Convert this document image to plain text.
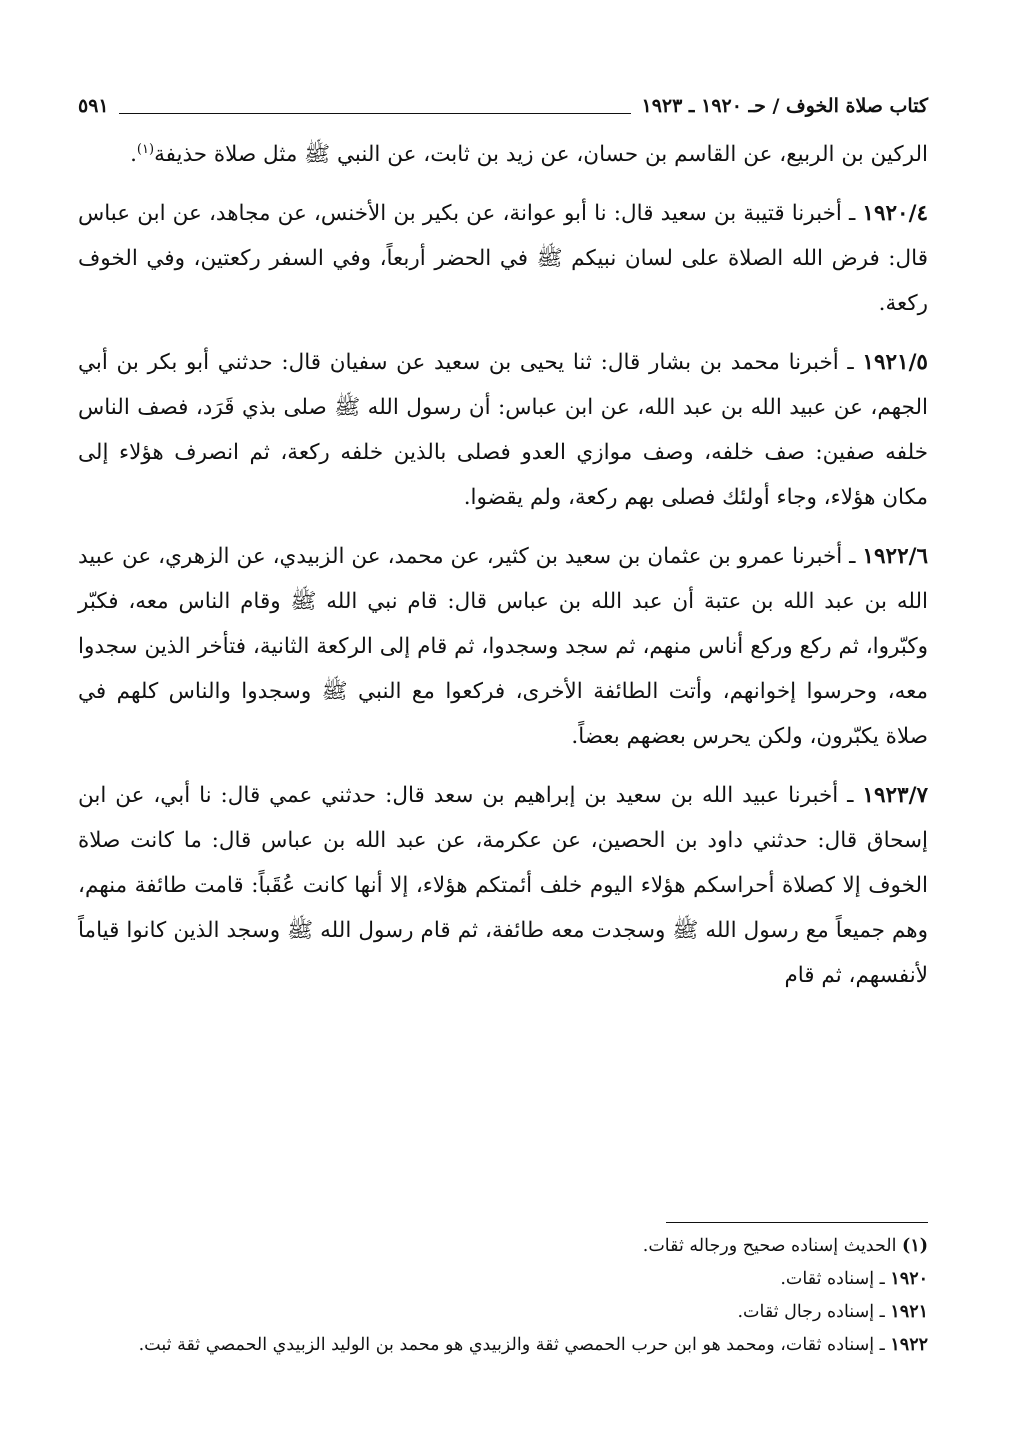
كتاب صلاة الخوف / حـ ١٩٢٠ ـ ١٩٢٣
٥٩١

الركين بن الربيع، عن القاسم بن حسان، عن زيد بن ثابت، عن النبي ﷺ مثل صلاة حذيفة$^{(١)}$.

١٩٢٠/٤ ـ أخبرنا قتيبة بن سعيد قال: نا أبو عوانة، عن بكير بن الأخنس، عن مجاهد، عن ابن عباس قال: فرض الله الصلاة على لسان نبيكم ﷺ في الحضر أربعاً، وفي السفر ركعتين، وفي الخوف ركعة.

١٩٢١/٥ ـ أخبرنا محمد بن بشار قال: ثنا يحيى بن سعيد عن سفيان قال: حدثني أبو بكر بن أبي الجهم، عن عبيد الله بن عبد الله، عن ابن عباس: أن رسول الله ﷺ صلى بذي قَرَد، فصف الناس خلفه صفين: صف خلفه، وصف موازي العدو فصلى بالذين خلفه ركعة، ثم انصرف هؤلاء إلى مكان هؤلاء، وجاء أولئك فصلى بهم ركعة، ولم يقضوا.

١٩٢٢/٦ ـ أخبرنا عمرو بن عثمان بن سعيد بن كثير، عن محمد، عن الزبيدي، عن الزهري، عن عبيد الله بن عبد الله بن عتبة أن عبد الله بن عباس قال: قام نبي الله ﷺ وقام الناس معه، فكبّر وكبّروا، ثم ركع وركع أناس منهم، ثم سجد وسجدوا، ثم قام إلى الركعة الثانية، فتأخر الذين سجدوا معه، وحرسوا إخوانهم، وأتت الطائفة الأخرى، فركعوا مع النبي ﷺ وسجدوا والناس كلهم في صلاة يكبّرون، ولكن يحرس بعضهم بعضاً.

١٩٢٣/٧ ـ أخبرنا عبيد الله بن سعيد بن إبراهيم بن سعد قال: حدثني عمي قال: نا أبي، عن ابن إسحاق قال: حدثني داود بن الحصين، عن عكرمة، عن عبد الله بن عباس قال: ما كانت صلاة الخوف إلا كصلاة أحراسكم هؤلاء اليوم خلف أئمتكم هؤلاء، إلا أنها كانت عُقَباً: قامت طائفة منهم، وهم جميعاً مع رسول الله ﷺ وسجدت معه طائفة، ثم قام رسول الله ﷺ وسجد الذين كانوا قياماً لأنفسهم، ثم قام

(١) الحديث إسناده صحيح ورجاله ثقات.

١٩٢٠ ـ إسناده ثقات.

١٩٢١ ـ إسناده رجال ثقات.

١٩٢٢ ـ إسناده ثقات، ومحمد هو ابن حرب الحمصي ثقة والزبيدي هو محمد بن الوليد الزبيدي الحمصي ثقة ثبت.
